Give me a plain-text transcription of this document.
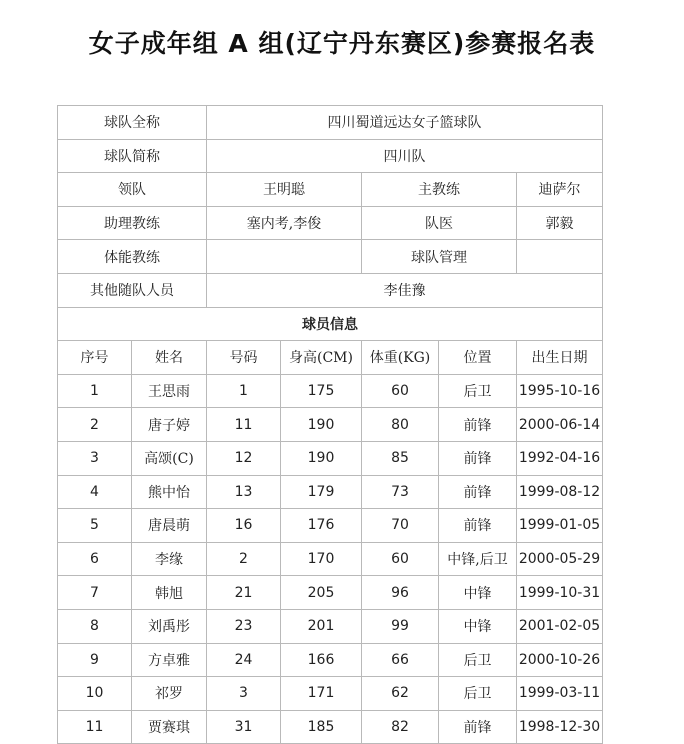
女子成年组 A 组(辽宁丹东赛区)参赛报名表
球队全称		四川蜀道远达女子篮球队				
球队简称		四川队				
领队		王明聪		主教练		迪萨尔
助理教练		塞内考,李俊		队医		郭毅
体能教练				球队管理		
其他随队人员		李佳豫				
球员信息						
序号	姓名	号码	身高(CM)	体重(KG)	位置	出生日期
1	王思雨	1	175	60	后卫	1995-10-16
2	唐子婷	11	190	80	前锋	2000-06-14
3	高颂(C)	12	190	85	前锋	1992-04-16
4	熊中怡	13	179	73	前锋	1999-08-12
5	唐晨萌	16	176	70	前锋	1999-01-05
6	李缘	2	170	60	中锋,后卫	2000-05-29
7	韩旭	21	205	96	中锋	1999-10-31
8	刘禹彤	23	201	99	中锋	2001-02-05
9	方卓雅	24	166	66	后卫	2000-10-26
10	祁罗	3	171	62	后卫	1999-03-11
11	贾赛琪	31	185	82	前锋	1998-12-30
